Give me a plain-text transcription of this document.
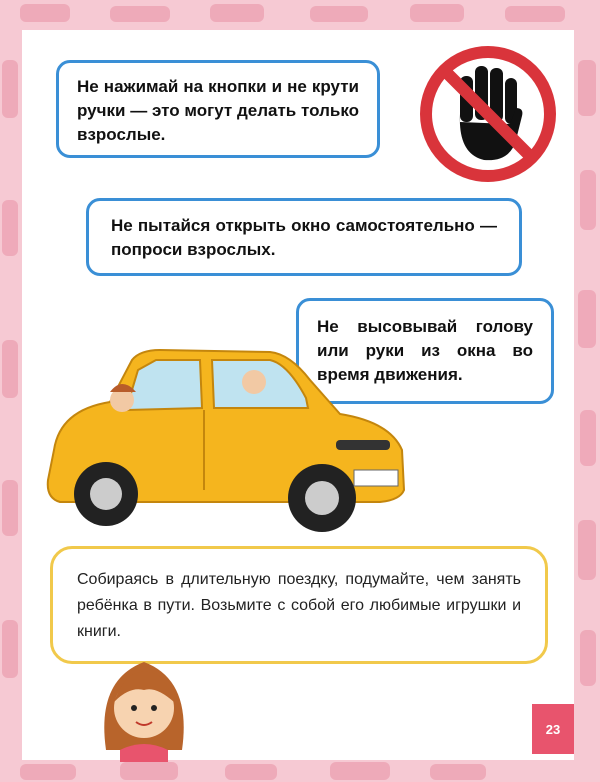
Не нажимай на кнопки и не крути ручки — это могут делать только взрослые.
Не пытайся открыть окно самостоятельно — попроси взрослых.
Не высовывай голову или руки из окна во время движения.
Собираясь в длительную поездку, подумайте, чем занять ребёнка в пути. Возьмите с собой его любимые игрушки и книги.
23
